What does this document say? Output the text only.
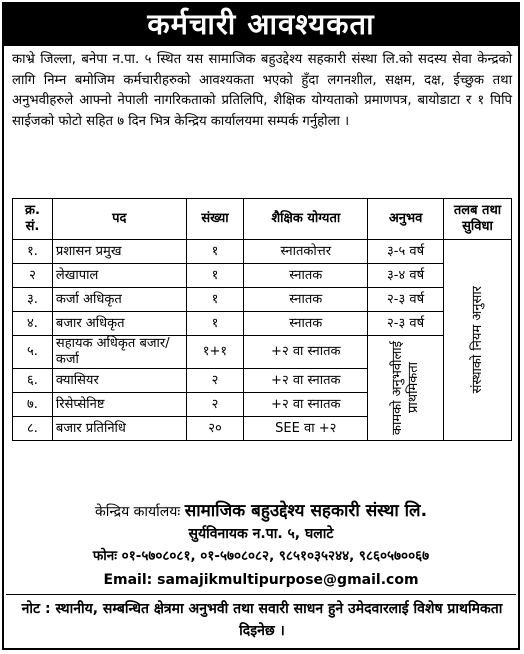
कर्मचारी आवश्यकता
काभ्रे जिल्ला, बनेपा न.पा. ५ स्थित यस सामाजिक बहुउद्देश्य सहकारी संस्था लि.को सदस्य सेवा केन्द्रको लागि निम्न बमोजिम कर्मचारीहरुको आवश्यकता भएको हुँदा लगनशील, सक्षम, दक्ष, ईच्छुक तथा अनुभवीहरुले आफ्नो नेपाली नागरिकताको प्रतिलिपि, शैक्षिक योग्यताको प्रमाणपत्र, बायोडाटा र १ पिपि साईजको फोटो सहित ७ दिन भित्र केन्द्रिय कार्यालयमा सम्पर्क गर्नुहोला ।
क्र. सं.	पद	संख्या	शैक्षिक योग्यता	अनुभव	तलब तथा सुविधा
१.	प्रशासन प्रमुख	१	स्नातकोत्तर	३-५ वर्ष	संस्थाको नियम अनुसार

२	लेखापाल	१	स्नातक	३-४ वर्ष	
३.	कर्जा अधिकृत	१	स्नातक	२-३ वर्ष	
४.	बजार अधिकृत	१	स्नातक	२-३ वर्ष	
५.	सहायक अधिकृत बजार/कर्जा	१+१	+२ वा स्नातक	कामको अनुभवीलाई प्राथमिकता	

६.	क्यासियर	२	+२ वा स्नातक		
७.	रिसेप्सेनिष्ट	२	+२ वा स्नातक		
८.	बजार प्रतिनिधि	२०	SEE वा +२		
केन्द्रिय कार्यालयः सामाजिक बहुउद्देश्य सहकारी संस्था लि.
सुर्यविनायक न.पा. ५, घलाटे
फोनः ०१-५७०८०८१, ०१-५७०८०८२, ९८५१०३५२४४, ९८६०५७००६७
Email: samajikmultipurpose@gmail.com
नोट : स्थानीय, सम्बन्धित क्षेत्रमा अनुभवी तथा सवारी साधन हुने उमेदवारलाई विशेष प्राथमिकता दिइनेछ ।
